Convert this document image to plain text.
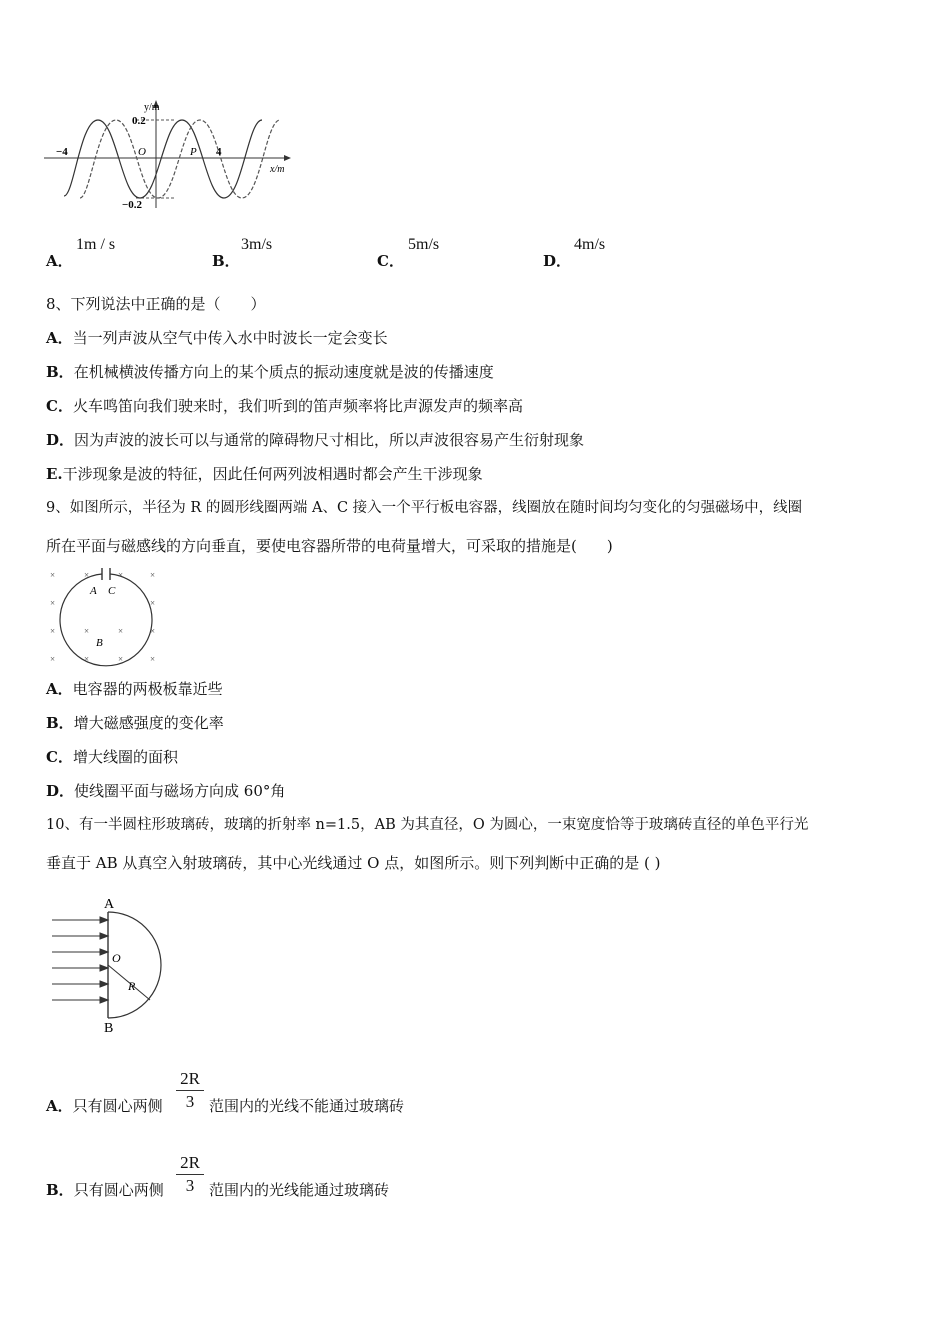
y/m
x/m
0.2
−0.2
−4	4
O	P
A．
1m / s
B．
3m/s
C．
5m/s
D．
4m/s
8、下列说法中正确的是（　　）
A．当一列声波从空气中传入水中时波长一定会变长
B．在机械横波传播方向上的某个质点的振动速度就是波的传播速度
C．火车鸣笛向我们驶来时，我们听到的笛声频率将比声源发声的频率高
D．因为声波的波长可以与通常的障碍物尺寸相比，所以声波很容易产生衍射现象
E.干涉现象是波的特征，因此任何两列波相遇时都会产生干涉现象
9、如图所示，半径为 R 的圆形线圈两端 A、C 接入一个平行板电容器，线圈放在随时间均匀变化的匀强磁场中，线圈
所在平面与磁感线的方向垂直，要使电容器所带的电荷量增大，可采取的措施是(　　)
×	×	×	×
×	×
×	×	×	×
×	×	×	×
A C
B
A．电容器的两极板靠近些
B．增大磁感强度的变化率
C．增大线圈的面积
D．使线圈平面与磁场方向成 60°角
10、有一半圆柱形玻璃砖，玻璃的折射率 n=1.5，AB 为其直径，O 为圆心，一束宽度恰等于玻璃砖直径的单色平行光
垂直于 AB 从真空入射玻璃砖，其中心光线通过 O 点，如图所示。则下列判断中正确的是 ( )
A
B
O
R
A．只有圆心两侧 $\frac{2R}{3}$ 范围内的光线不能通过玻璃砖
B．只有圆心两侧 $\frac{2R}{3}$ 范围内的光线能通过玻璃砖
